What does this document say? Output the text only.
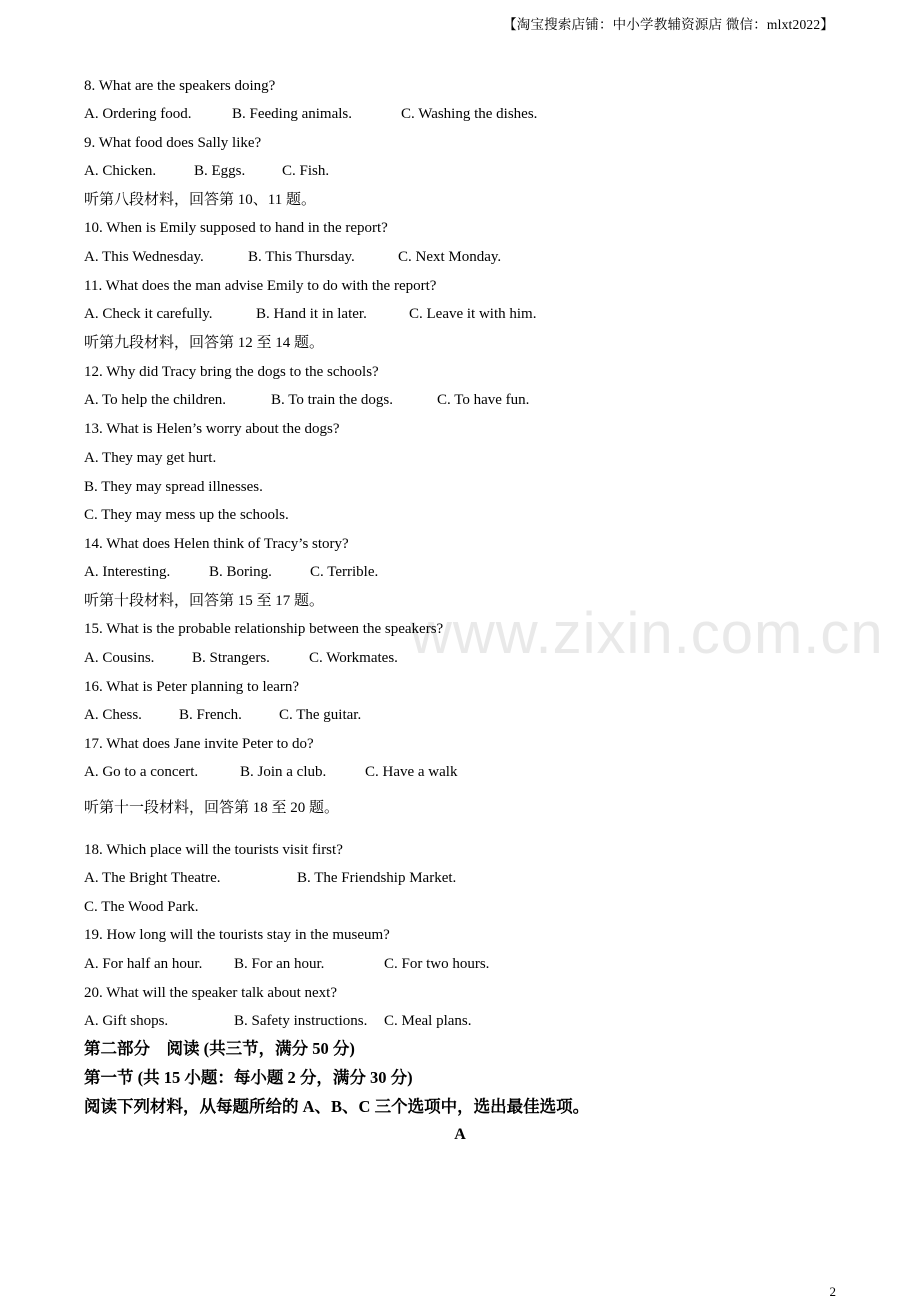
【淘宝搜索店铺：中小学教辅资源店 微信：mlxt2022】
www.zixin.com.cn
8. What are the speakers doing?
A. Ordering food.	B. Feeding animals.	C. Washing the dishes.
9. What food does Sally like?
A. Chicken.	B. Eggs. C. Fish.
听第八段材料，回答第 10、11 题。
10. When is Emily supposed to hand in the report?
A. This Wednesday.	B. This Thursday.	C. Next Monday.
11. What does the man advise Emily to do with the report?
A. Check it carefully.	B. Hand it in later.	C. Leave it with him.
听第九段材料，回答第 12 至 14 题。
12. Why did Tracy bring the dogs to the schools?
A. To help the children.	B. To train the dogs.	C. To have fun.
13. What is Helen’s worry about the dogs?
A. They may get hurt.
B. They may spread illnesses.
C. They may mess up the schools.
14. What does Helen think of Tracy’s story?
A. Interesting.	B. Boring.	C. Terrible.
听第十段材料，回答第 15 至 17 题。
15. What is the probable relationship between the speakers?
A. Cousins.	B. Strangers.	C. Workmates.
16. What is Peter planning to learn?
A. Chess. B. French. C. The guitar.
17. What does Jane invite Peter to do?
A. Go to a concert.	B. Join a club.	C. Have a walk
听第十一段材料，回答第 18 至 20 题。
18. Which place will the tourists visit first?
A. The Bright Theatre.	B. The Friendship Market.
C. The Wood Park.
19. How long will the tourists stay in the museum?
A. For half an hour. B. For an hour.	C. For two hours.
20. What will the speaker talk about next?
A. Gift shops.	B. Safety instructions. C. Meal plans.
第二部分　阅读 (共三节，满分 50 分)
第一节 (共 15 小题：每小题 2 分，满分 30 分)
阅读下列材料，从每题所给的 A、B、C 三个选项中，选出最佳选项。
A
2
